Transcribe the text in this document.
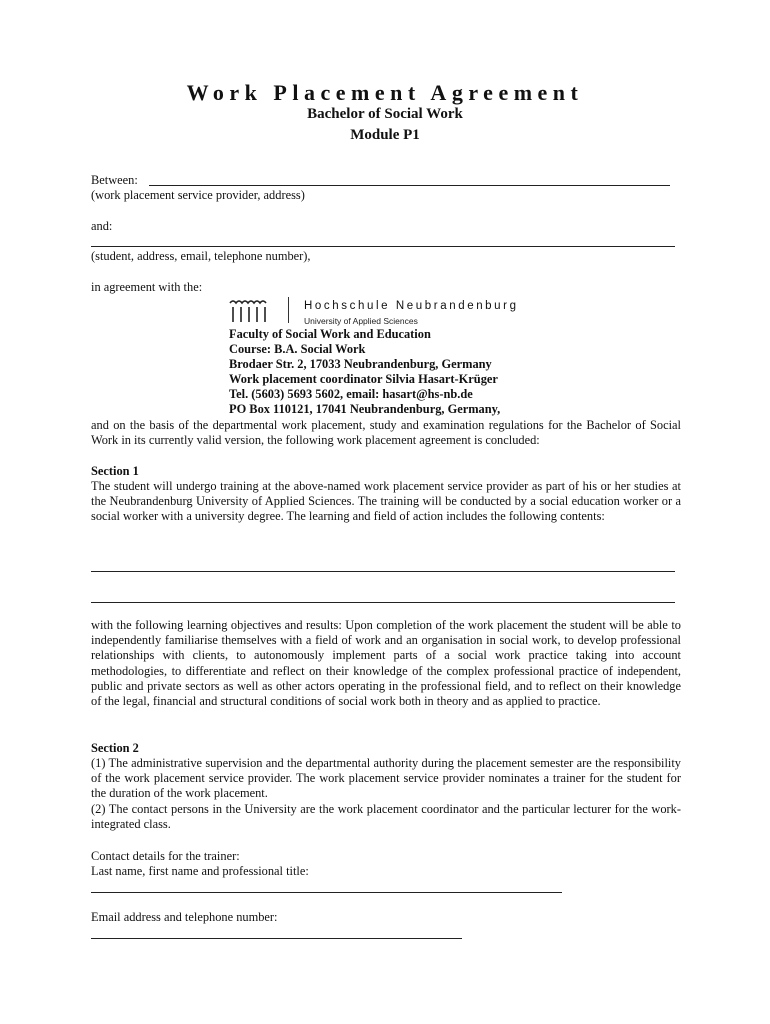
Work Placement Agreement
Bachelor of Social Work
Module P1
Between:
(work placement service provider, address)
and:
(student, address, email, telephone number),
in agreement with the:
Hochschule Neubrandenburg
University of Applied Sciences
Faculty of Social Work and Education
Course: B.A. Social Work
Brodaer Str. 2, 17033 Neubrandenburg, Germany
Work placement coordinator Silvia Hasart-Krüger
Tel. (5603) 5693 5602, email: hasart@hs-nb.de
PO Box 110121, 17041 Neubrandenburg, Germany,

and on the basis of the departmental work placement, study and examination regulations for the Bachelor of Social Work in its currently valid version, the following work placement agreement is concluded:

Section 1

The student will undergo training at the above-named work placement service provider as part of his or her studies at the Neubrandenburg University of Applied Sciences. The training will be conducted by a social education worker or a social worker with a university degree. The learning and field of action includes the following contents:

with the following learning objectives and results: Upon completion of the work placement the student will be able to independently familiarise themselves with a field of work and an organisation in social work, to develop professional relationships with clients, to autonomously implement parts of a social work practice taking into account methodologies, to differentiate and reflect on their knowledge of the complex professional practice of independent, public and private sectors as well as other actors operating in the professional field, and to reflect on their knowledge of the legal, financial and structural conditions of social work both in theory and as applied to practice.

Section 2

(1) The administrative supervision and the departmental authority during the placement semester are the responsibility of the work placement service provider. The work placement service provider nominates a trainer for the student for the duration of the work placement.

(2) The contact persons in the University are the work placement coordinator and the particular lecturer for the work-integrated class.

Contact details for the trainer:
Last name, first name and professional title:
Email address and telephone number:
